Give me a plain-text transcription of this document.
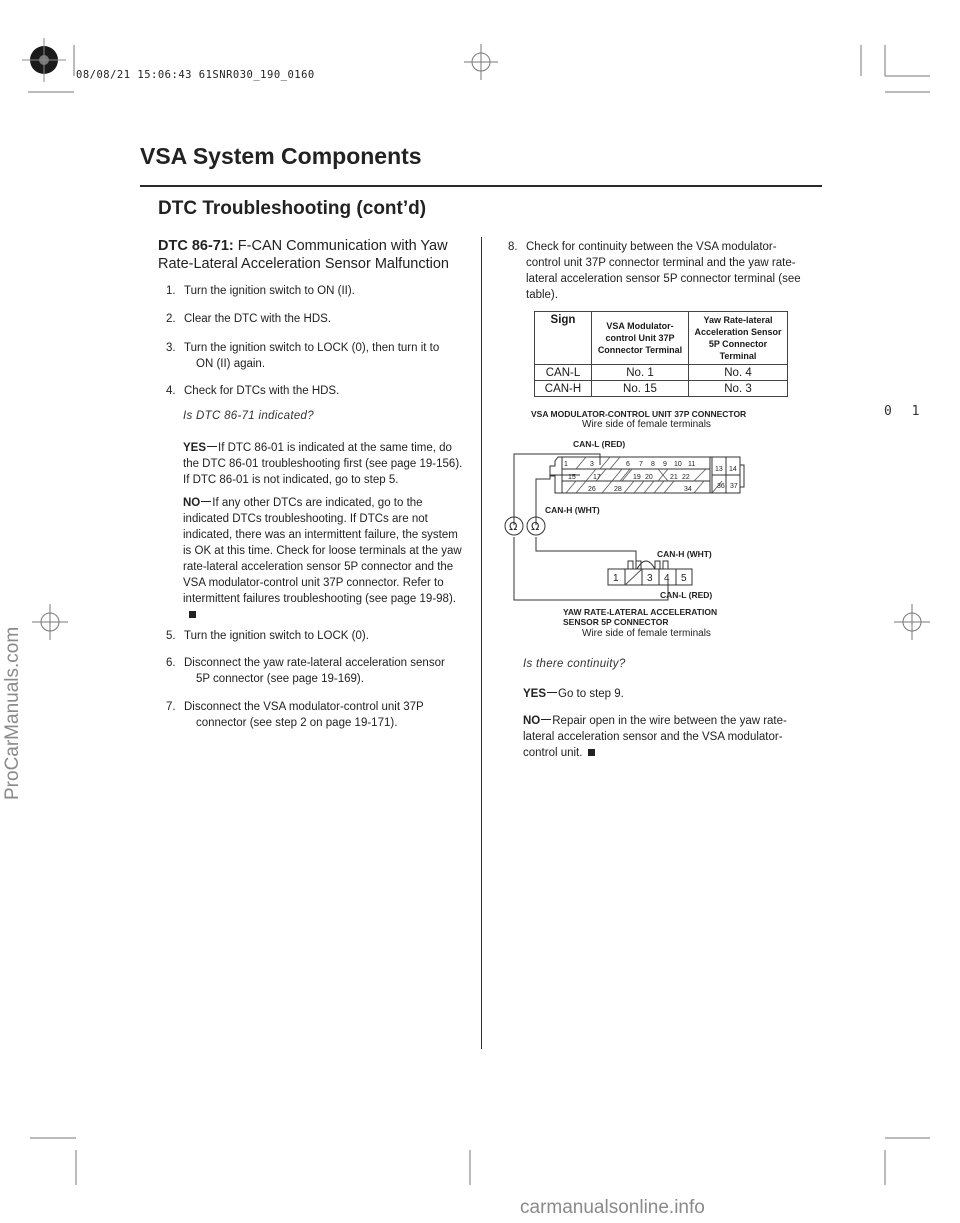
08/08/21 15:06:43 61SNR030_190_0160
VSA System Components
DTC Troubleshooting (cont’d)
0 1
DTC 86-71: F-CAN Communication with Yaw Rate-Lateral Acceleration Sensor Malfunction
1. Turn the ignition switch to ON (II).
2. Clear the DTC with the HDS.
3. Turn the ignition switch to LOCK (0), then turn it to
ON (II) again.
4. Check for DTCs with the HDS.
Is DTC 86-71 indicated?
YES If DTC 86-01 is indicated at the same time, do the DTC 86-01 troubleshooting first (see page 19-156). If DTC 86-01 is not indicated, go to step 5.
NO If any other DTCs are indicated, go to the indicated DTCs troubleshooting. If DTCs are not indicated, there was an intermittent failure, the system is OK at this time. Check for loose terminals at the yaw rate-lateral acceleration sensor 5P connector and the VSA modulator-control unit 37P connector. Refer to intermittent failures troubleshooting (see page 19-98).
5. Turn the ignition switch to LOCK (0).
6. Disconnect the yaw rate-lateral acceleration sensor
5P connector (see page 19-169).
7. Disconnect the VSA modulator-control unit 37P
connector (see step 2 on page 19-171).
8. Check for continuity between the VSA modulator-
control unit 37P connector terminal and the yaw rate-lateral acceleration sensor 5P connector terminal (see table).
Sign	VSA Modulator-control Unit 37P Connector Terminal	Yaw Rate-lateral Acceleration Sensor 5P Connector Terminal
CAN-L	No. 1	No. 4
CAN-H	No. 15	No. 3
VSA MODULATOR-CONTROL UNIT 37P CONNECTOR
Wire side of female terminals
CAN-L (RED)
CAN-H (WHT)
CAN-H (WHT)
CAN-L (RED)
YAW RATE-LATERAL ACCELERATION
SENSOR 5P CONNECTOR
Wire side of female terminals
1	3	6 7 8 9 10 11
13 14
15 17	19 20 21 22
36 37
26	28	34
1	3 4 5
Ω Ω
Is there continuity?
YES Go to step 9.
NO Repair open in the wire between the yaw rate-lateral acceleration sensor and the VSA modulator-control unit.
ProCarManuals.com
carmanualsonline.info
